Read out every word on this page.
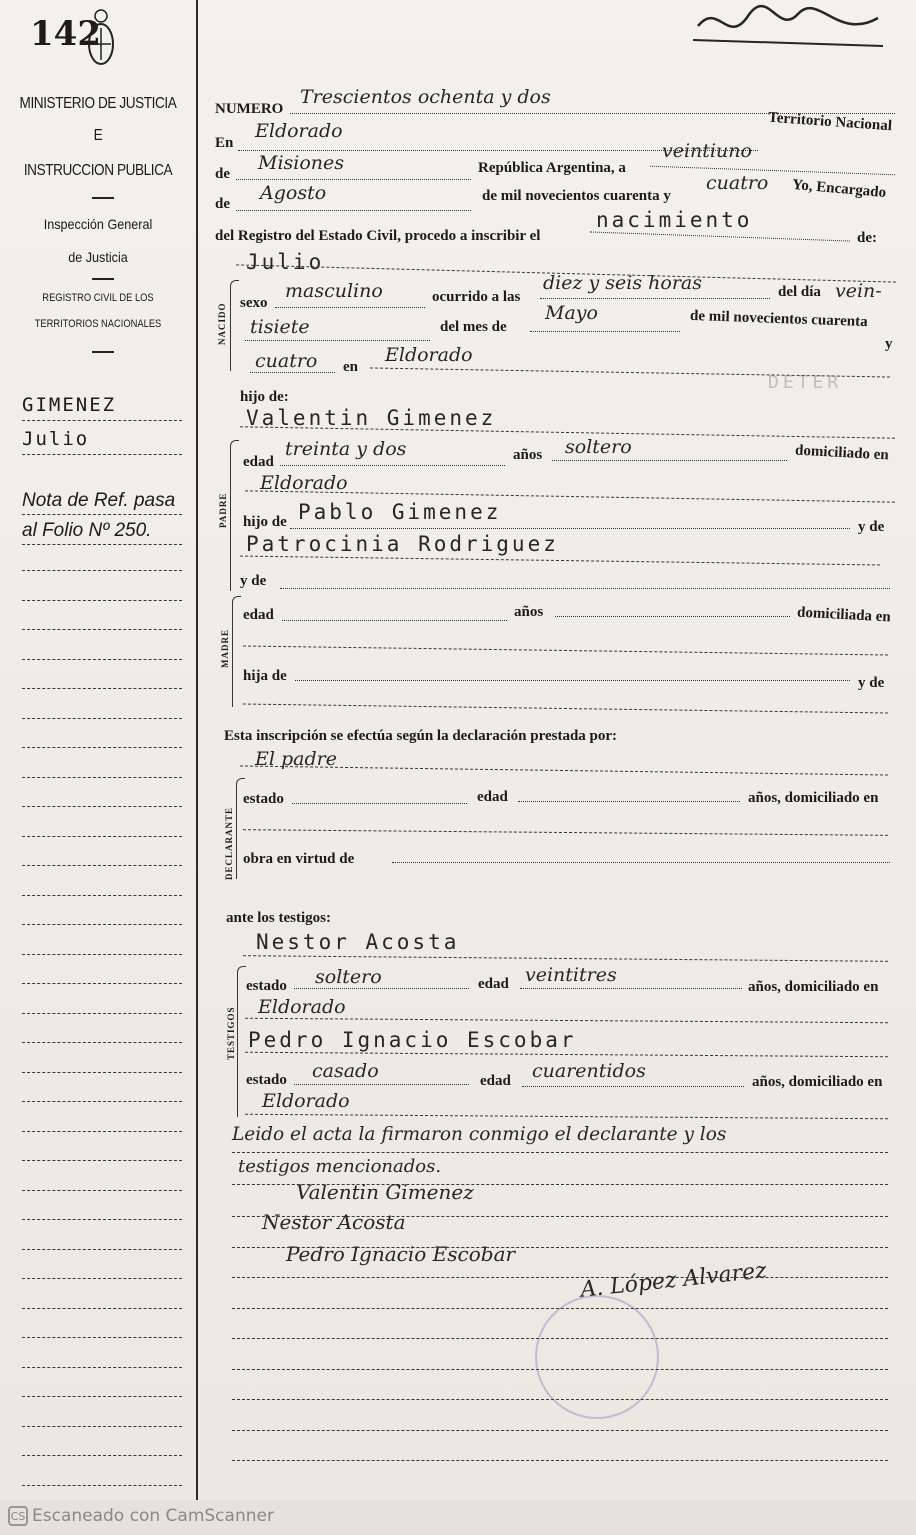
142
MINISTERIO DE JUSTICIA
E
INSTRUCCION PUBLICA
Inspección General
de Justicia
REGISTRO CIVIL DE LOS
TERRITORIOS NACIONALES
GIMENEZ
Julio
Nota de Ref. pasa
al Folio Nº 250.
NUMERO
Trescientos ochenta y dos
En
Eldorado	Territorio Nacional
de Misiones	República Argentina, a
veintiuno
de Agosto	de mil novecientos cuarenta y
cuatro Yo, Encargado
del Registro del Estado Civil, procedo a inscribir el
nacimiento
de:
Julio
NACIDO sexo
masculino	ocurrido a las
diez y seis horas	del día vein-
tisiete	del mes de
Mayo	de mil novecientos cuarenta
y
cuatro en
Eldorado
DETER
hijo de:
Valentin Gimenez
PADRE
edad
treinta y dos	años soltero	domiciliado en
Eldorado
hijo de Pablo Gimenez
y de
Patrocinia Rodriguez
y de
MADRE
edad	años	domiciliada en
hija de	y de
Esta inscripción se efectúa según la declaración prestada por:
El padre
DECLARANTE
estado	edad	años, domiciliado en
obra en virtud de
ante los testigos:
Nestor Acosta
TESTIGOS
estado soltero	edad veintitres
años, domiciliado en
Eldorado
Pedro Ignacio Escobar
estado casado	edad cuarentidos	años, domiciliado en
Eldorado
Leido el acta la firmaron conmigo el declarante y los
testigos mencionados.
Valentin Gimenez
Nestor Acosta
Pedro Ignacio Escobar
A. López Alvarez
CS Escaneado con CamScanner
